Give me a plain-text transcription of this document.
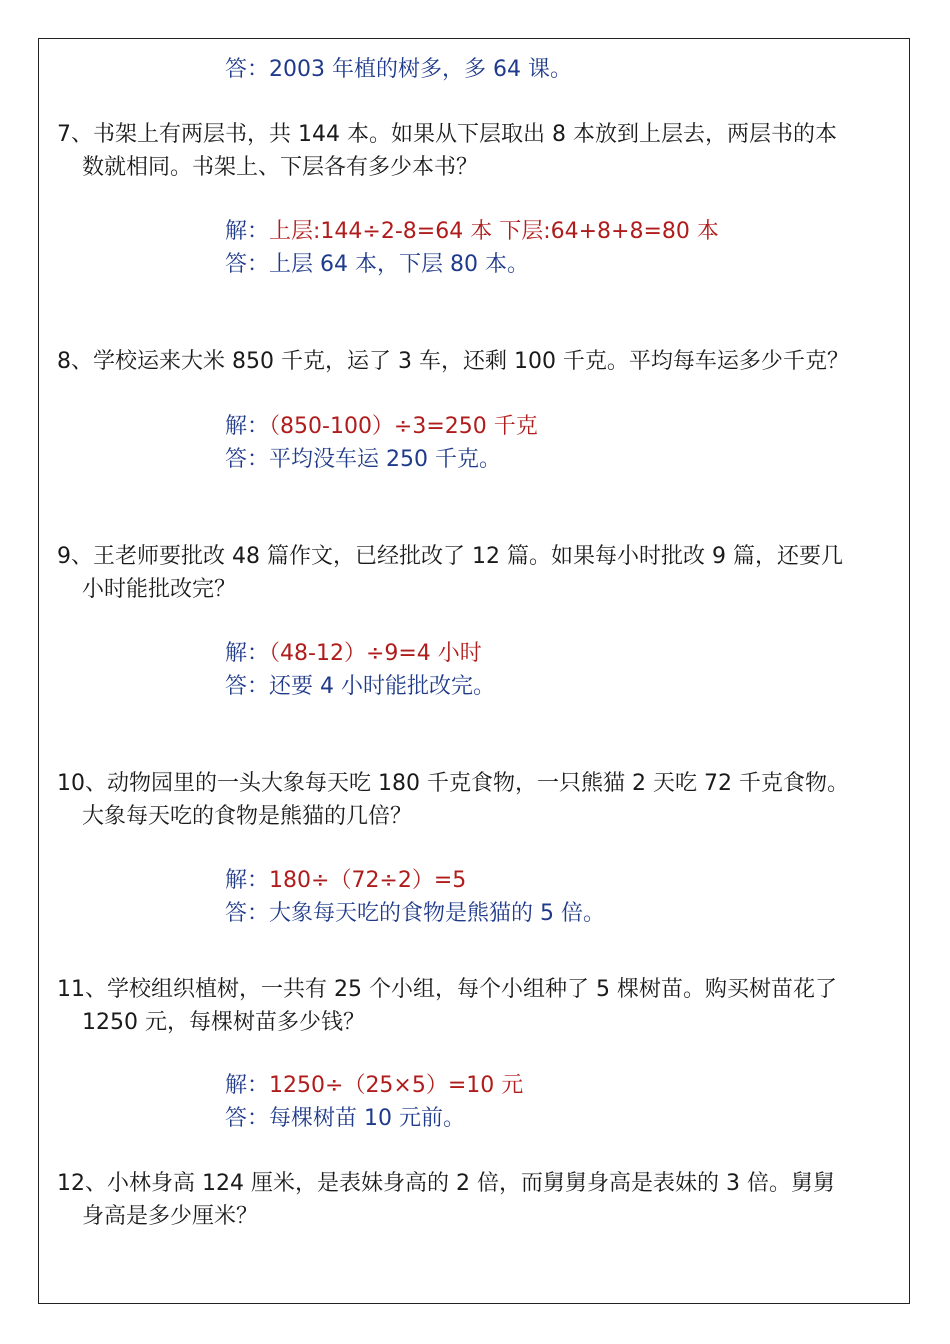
答：2003 年植的树多，多 64 课。
7、书架上有两层书，共 144 本。如果从下层取出 8 本放到上层去，两层书的本
数就相同。书架上、下层各有多少本书？
解：上层:144÷2-8=64 本 下层:64+8+8=80 本
答：上层 64 本，下层 80 本。
8、学校运来大米 850 千克，运了 3 车，还剩 100 千克。平均每车运多少千克？
解：（850-100）÷3=250 千克
答：平均没车运 250 千克。
9、王老师要批改 48 篇作文，已经批改了 12 篇。如果每小时批改 9 篇，还要几
小时能批改完？
解：（48-12）÷9=4 小时
答：还要 4 小时能批改完。
10、动物园里的一头大象每天吃 180 千克食物，一只熊猫 2 天吃 72 千克食物。
大象每天吃的食物是熊猫的几倍？
解：180÷（72÷2）=5
答：大象每天吃的食物是熊猫的 5 倍。
11、学校组织植树，一共有 25 个小组，每个小组种了 5 棵树苗。购买树苗花了
1250 元，每棵树苗多少钱？
解：1250÷（25×5）=10 元
答：每棵树苗 10 元前。
12、小林身高 124 厘米，是表妹身高的 2 倍，而舅舅身高是表妹的 3 倍。舅舅
身高是多少厘米？
